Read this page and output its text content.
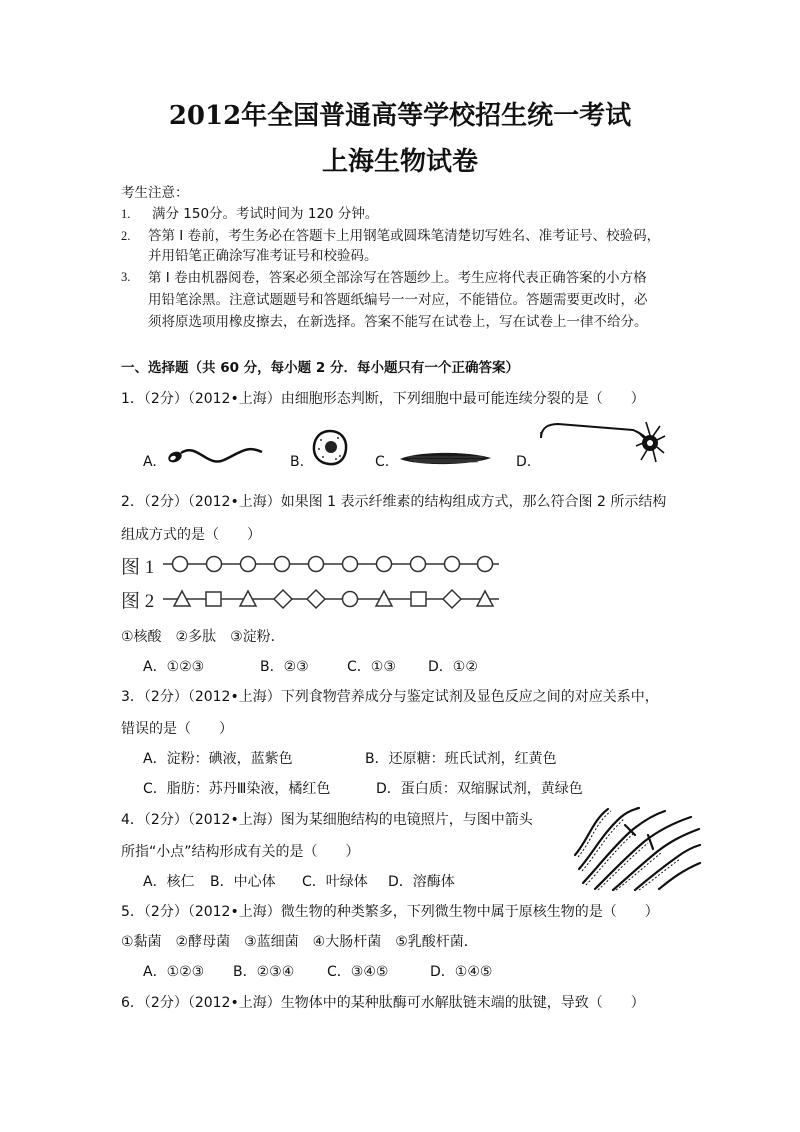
2012年全国普通高等学校招生统一考试
上海生物试卷
考生注意：
1. 满分 150分。考试时间为 120 分钟。
2. 答第 I 卷前，考生务必在答题卡上用钢笔或圆珠笔清楚切写姓名、准考证号、校验码，
并用铅笔正确涂写准考证号和校验码。
3. 第 I 卷由机器阅卷，答案必须全部涂写在答题纱上。考生应将代表正确答案的小方格
用铅笔涂黑。注意试题题号和答题纸编号一一对应，不能错位。答题需要更改时，必
须将原选项用橡皮擦去，在新选择。答案不能写在试卷上，写在试卷上一律不给分。
一、选择题（共 60 分，每小题 2 分．每小题只有一个正确答案）
1．（2分）（2012•上海）由细胞形态判断，下列细胞中最可能连续分裂的是（　　）
A.	B.	C.	D.
2．（2分）（2012•上海）如果图 1 表示纤维素的结构组成方式，那么符合图 2 所示结构
组成方式的是（　　）
图 1
图 2
①核酸　②多肽　③淀粉．
A．①②③	B．②③	C．①③ D．①②
3．（2分）（2012•上海）下列食物营养成分与鉴定试剂及显色反应之间的对应关系中，
错误的是（　　）
A．淀粉：碘液，蓝紫色	B．还原糖：班氏试剂，红黄色
C．脂肪：苏丹Ⅲ染液，橘红色	D．蛋白质：双缩脲试剂，黄绿色
4．（2分）（2012•上海）图为某细胞结构的电镜照片，与图中箭头
所指“小点”结构形成有关的是（　　）
A．核仁 B．中心体 C．叶绿体 D．溶酶体
5．（2分）（2012•上海）微生物的种类繁多，下列微生物中属于原核生物的是（　　）
①黏菌　②酵母菌　③蓝细菌　④大肠杆菌　⑤乳酸杆菌．
A．①②③ B．②③④ C．③④⑤	D．①④⑤
6．（2分）（2012•上海）生物体中的某种肽酶可水解肽链末端的肽键，导致（　　）
